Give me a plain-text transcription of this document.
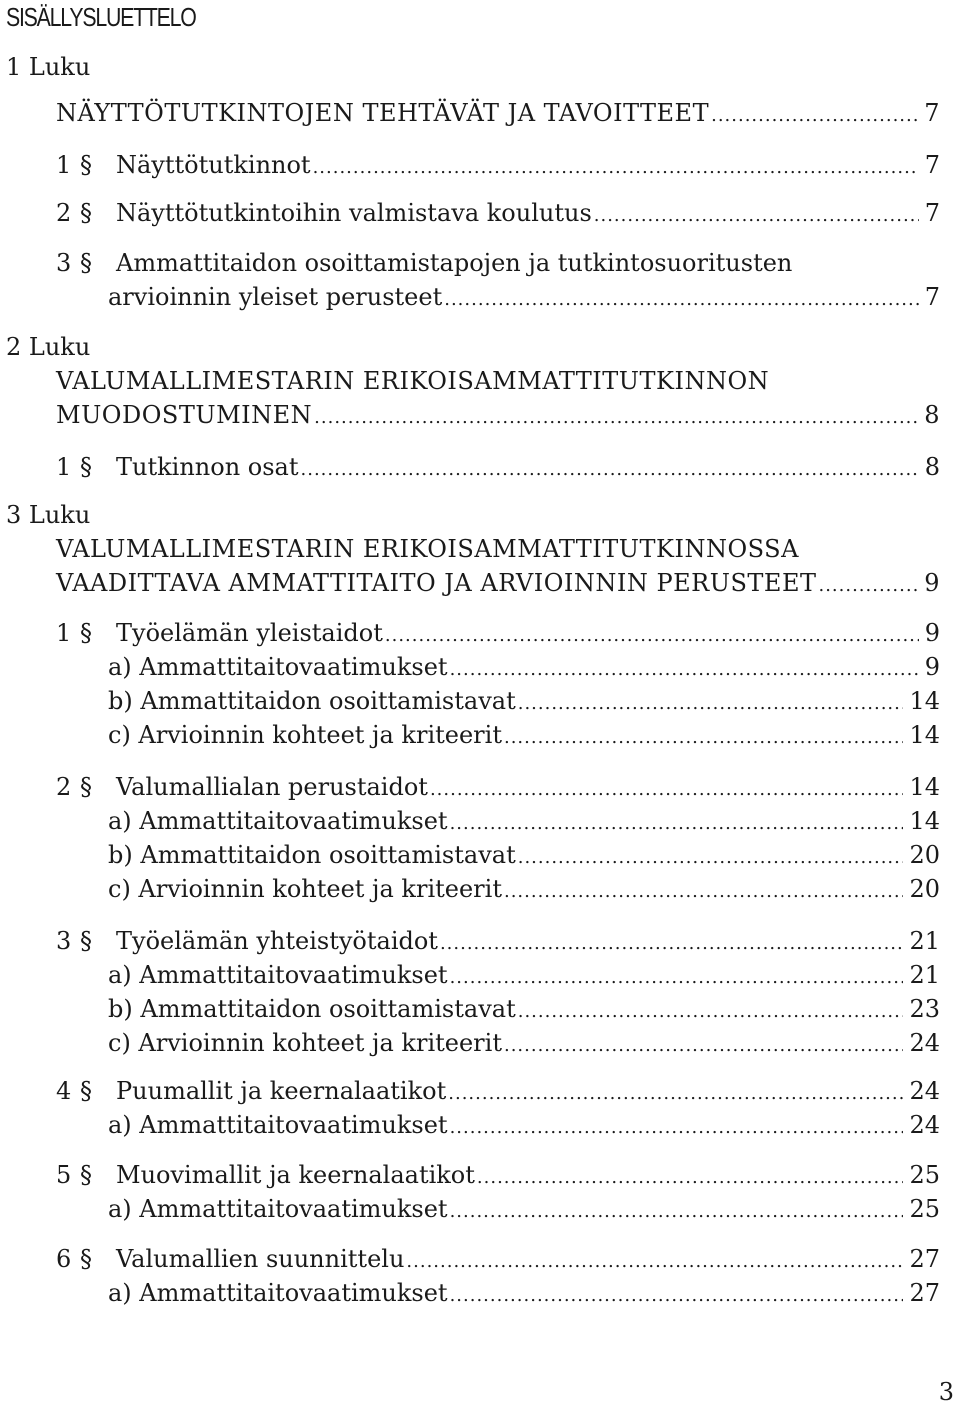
SISÄLLYSLUETTELO
1 Luku
NÄYTTÖTUTKINTOJEN TEHTÄVÄT JA TAVOITTEET .....	7
1 § Näyttötutkinnot .....	7
2 § Näyttötutkintoihin valmistava koulutus .....	7
3 § Ammattitaidon osoittamistapojen ja tutkintosuoritusten
arvioinnin yleiset perusteet .....	7
2 Luku
VALUMALLIMESTARIN ERIKOISAMMATTITUTKINNON
MUODOSTUMINEN .....	8
1 § Tutkinnon osat .....	8
3 Luku
VALUMALLIMESTARIN ERIKOISAMMATTITUTKINNOSSA
VAADITTAVA AMMATTITAITO JA ARVIOINNIN PERUSTEET .....	9
1 § Työelämän yleistaidot .....	9
a) Ammattitaitovaatimukset .....	9
b) Ammattitaidon osoittamistavat .....	14
c) Arvioinnin kohteet ja kriteerit .....	14
2 § Valumallialan perustaidot .....	14
a) Ammattitaitovaatimukset .....	14
b) Ammattitaidon osoittamistavat .....	20
c) Arvioinnin kohteet ja kriteerit .....	20
3 § Työelämän yhteistyötaidot .....	21
a) Ammattitaitovaatimukset .....	21
b) Ammattitaidon osoittamistavat .....	23
c) Arvioinnin kohteet ja kriteerit .....	24
4 § Puumallit ja keernalaatikot .....	24
a) Ammattitaitovaatimukset .....	24
5 § Muovimallit ja keernalaatikot .....	25
a) Ammattitaitovaatimukset .....	25
6 § Valumallien suunnittelu .....	27
a) Ammattitaitovaatimukset .....	27
3
